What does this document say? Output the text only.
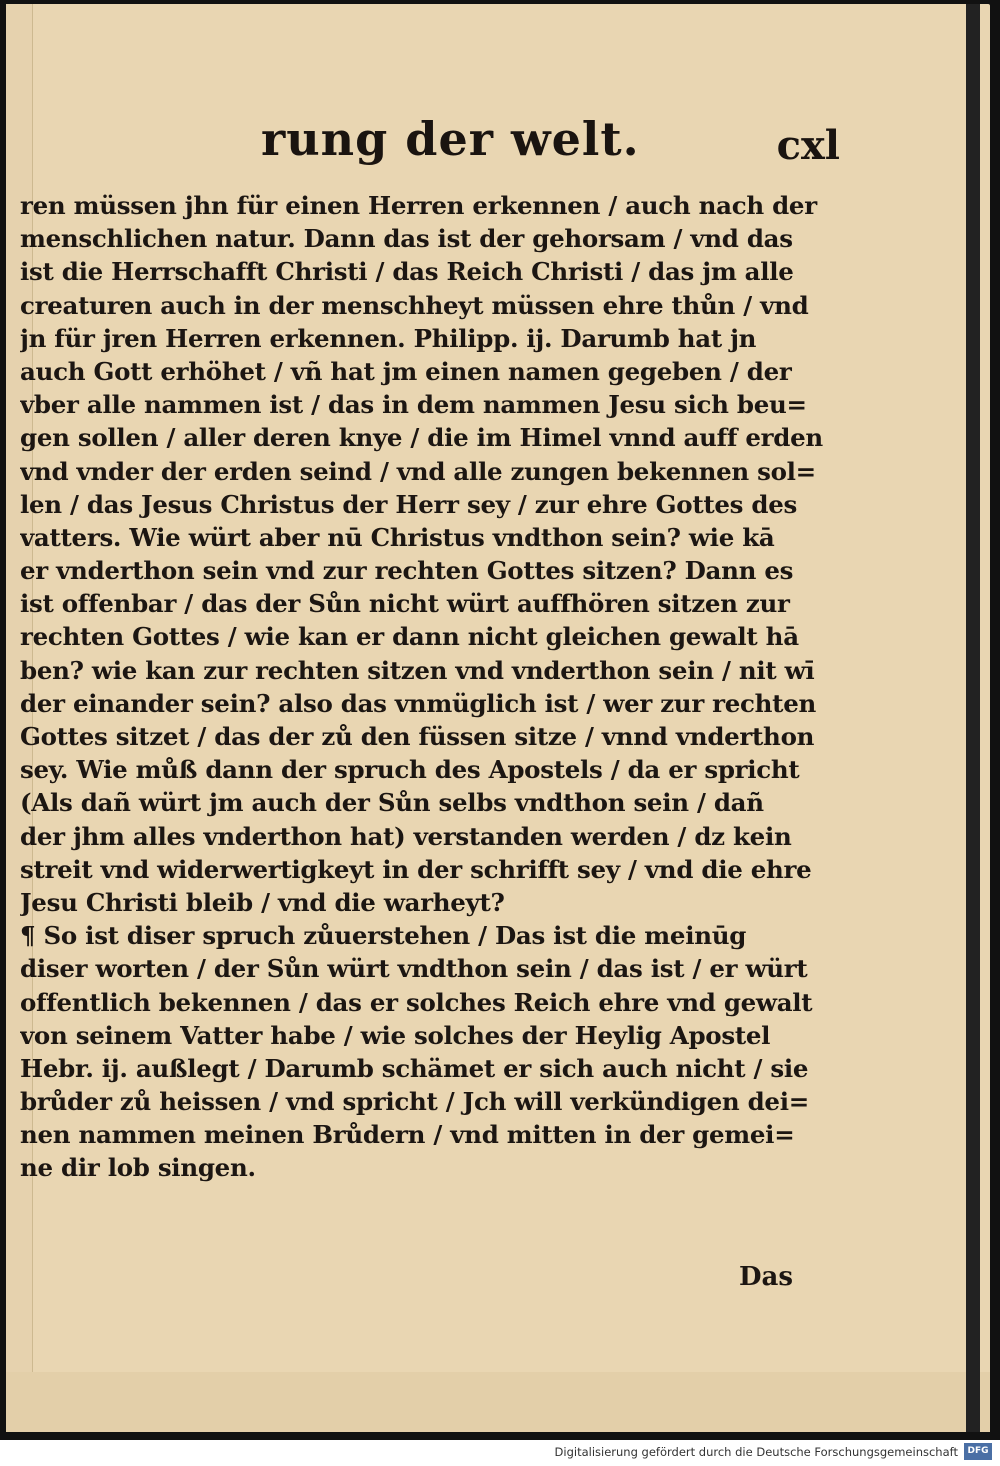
rung der welt.	cxl
ren müssen jhn für einen Herren erkennen / auch nach der
menschlichen natur. Dann das ist der gehorsam / vnd das
ist die Herrschafft Christi / das Reich Christi / das jm alle
creaturen auch in der menschheyt müssen ehre thůn / vnd
jn für jren Herren erkennen. Philipp. ij. Darumb hat jn
auch Gott erhöhet / vñ hat jm einen namen gegeben / der
vber alle nammen ist / das in dem nammen Jesu sich beu=
gen sollen / aller deren knye / die im Himel vnnd auff erden
vnd vnder der erden seind / vnd alle zungen bekennen sol=
len / das Jesus Christus der Herr sey / zur ehre Gottes des
vatters. Wie würt aber nū Christus vndthon sein? wie kā
er vnderthon sein vnd zur rechten Gottes sitzen? Dann es
ist offenbar / das der Sůn nicht würt auffhören sitzen zur
rechten Gottes / wie kan er dann nicht gleichen gewalt hā
ben? wie kan zur rechten sitzen vnd vnderthon sein / nit wī
der einander sein? also das vnmüglich ist / wer zur rechten
Gottes sitzet / das der zů den füssen sitze / vnnd vnderthon
sey. Wie můß dann der spruch des Apostels / da er spricht
(Als dañ würt jm auch der Sůn selbs vndthon sein / dañ
der jhm alles vnderthon hat) verstanden werden / dz kein
streit vnd widerwertigkeyt in der schrifft sey / vnd die ehre
Jesu Christi bleib / vnd die warheyt?
¶ So ist diser spruch zůuerstehen / Das ist die meinūg
diser worten / der Sůn würt vndthon sein / das ist / er würt
offentlich bekennen / das er solches Reich ehre vnd gewalt
von seinem Vatter habe / wie solches der Heylig Apostel
Hebr. ij. außlegt / Darumb schämet er sich auch nicht / sie
brůder zů heissen / vnd spricht / Jch will verkündigen dei=
nen nammen meinen Brůdern / vnd mitten in der gemei=
ne dir lob singen.
Das
Digitalisierung gefördert durch die Deutsche Forschungsgemeinschaft	DFG
